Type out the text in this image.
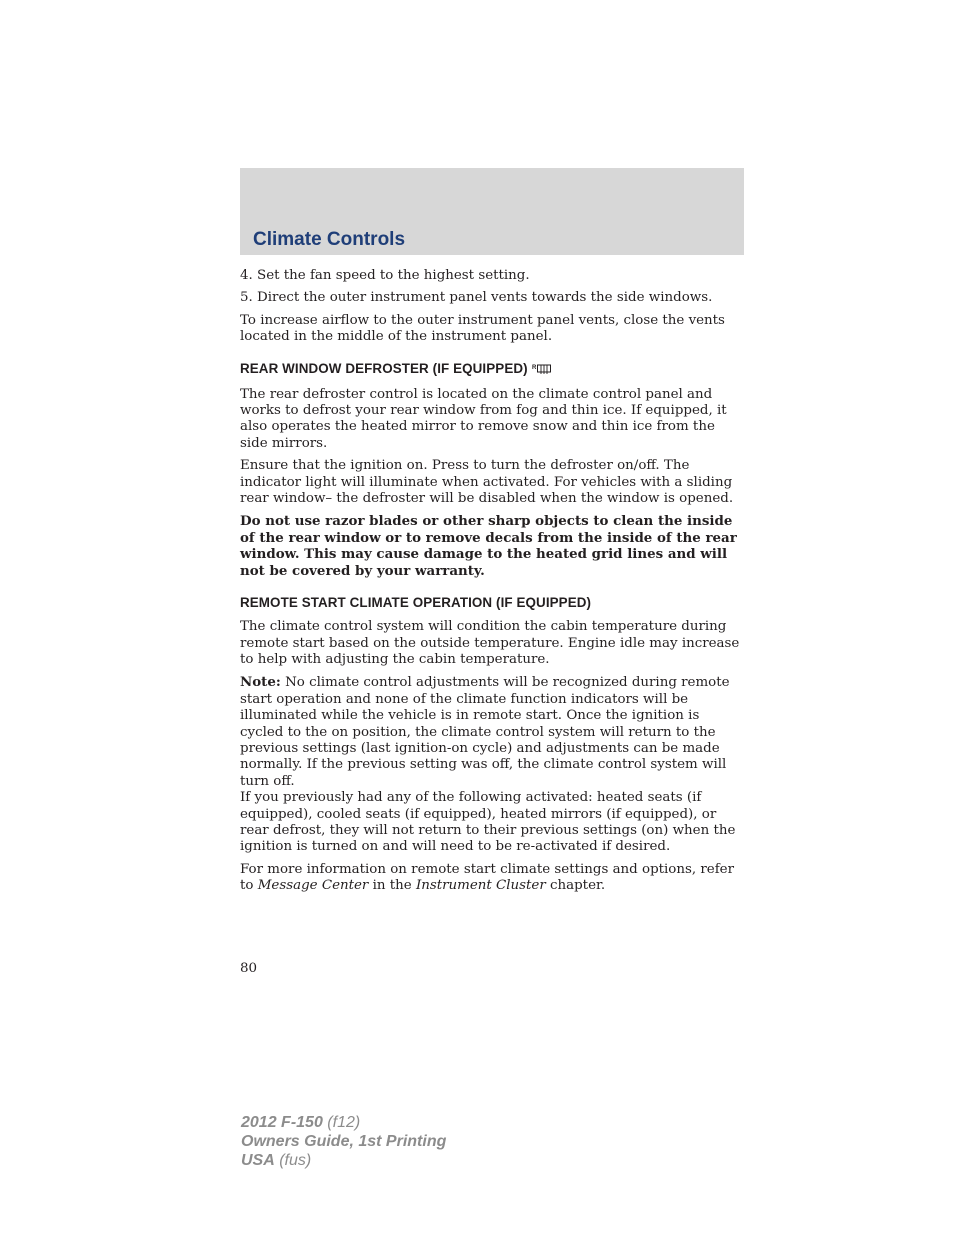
Climate Controls

4. Set the fan speed to the highest setting.

5. Direct the outer instrument panel vents towards the side windows.

To increase airflow to the outer instrument panel vents, close the vents located in the middle of the instrument panel.

REAR WINDOW DEFROSTER (IF EQUIPPED) R

The rear defroster control is located on the climate control panel and works to defrost your rear window from fog and thin ice. If equipped, it also operates the heated mirror to remove snow and thin ice from the side mirrors.

Ensure that the ignition on. Press to turn the defroster on/off. The indicator light will illuminate when activated. For vehicles with a sliding rear window– the defroster will be disabled when the window is opened.

Do not use razor blades or other sharp objects to clean the inside of the rear window or to remove decals from the inside of the rear window. This may cause damage to the heated grid lines and will not be covered by your warranty.

REMOTE START CLIMATE OPERATION (IF EQUIPPED)

The climate control system will condition the cabin temperature during remote start based on the outside temperature. Engine idle may increase to help with adjusting the cabin temperature.

Note: No climate control adjustments will be recognized during remote start operation and none of the climate function indicators will be illuminated while the vehicle is in remote start. Once the ignition is cycled to the on position, the climate control system will return to the previous settings (last ignition-on cycle) and adjustments can be made normally. If the previous setting was off, the climate control system will turn off.

If you previously had any of the following activated: heated seats (if equipped), cooled seats (if equipped), heated mirrors (if equipped), or rear defrost, they will not return to their previous settings (on) when the ignition is turned on and will need to be re-activated if desired.

For more information on remote start climate settings and options, refer to Message Center in the Instrument Cluster chapter.

80
2012 F-150 (f12)
Owners Guide, 1st Printing
USA (fus)
